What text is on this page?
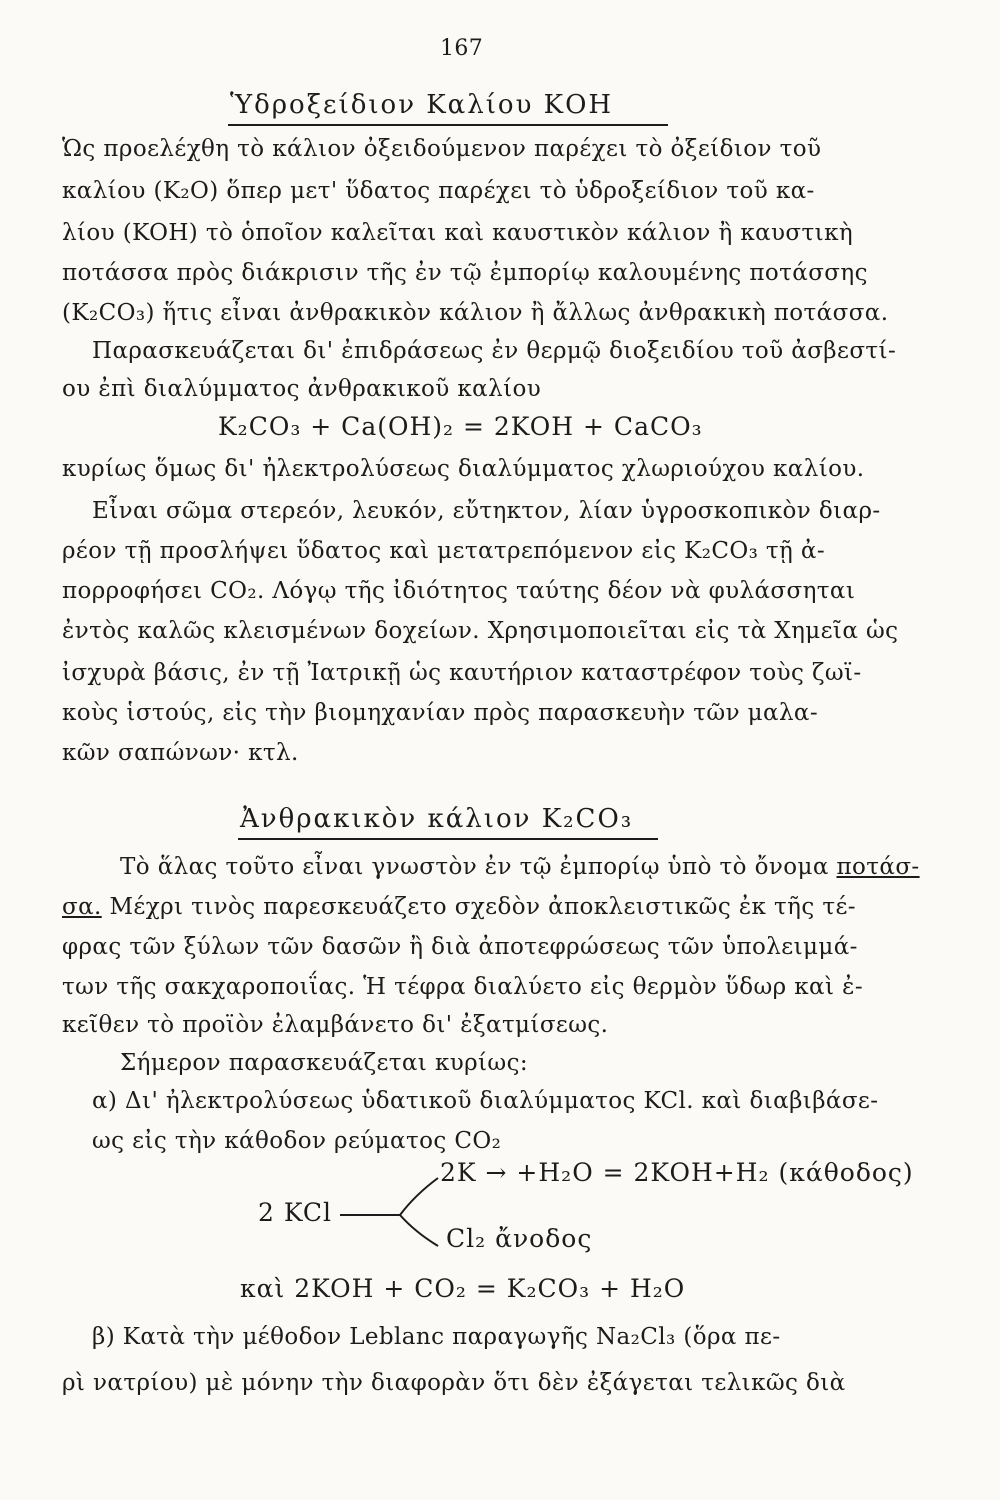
167
Ὑδροξείδιον Καλίου ΚΟΗ
Ὡς προελέχθη τὸ κάλιον ὀξειδούμενον παρέχει τὸ ὀξείδιον τοῦ
καλίου (K₂O) ὅπερ μετ' ὕδατος παρέχει τὸ ὑδροξείδιον τοῦ κα-
λίου (KOH) τὸ ὁποῖον καλεῖται καὶ καυστικὸν κάλιον ἢ καυστικὴ
ποτάσσα πρὸς διάκρισιν τῆς ἐν τῷ ἐμπορίῳ καλουμένης ποτάσσης
(K₂CO₃) ἥτις εἶναι ἀνθρακικὸν κάλιον ἢ ἄλλως ἀνθρακικὴ ποτάσσα.
Παρασκευάζεται δι' ἐπιδράσεως ἐν θερμῷ διοξειδίου τοῦ ἀσβεστί-
ου ἐπὶ διαλύμματος ἀνθρακικοῦ καλίου
K₂CO₃ + Ca(OH)₂ = 2KOH + CaCO₃
κυρίως ὅμως δι' ἠλεκτρολύσεως διαλύμματος χλωριούχου καλίου.
Εἶναι σῶμα στερεόν, λευκόν, εὔτηκτον, λίαν ὑγροσκοπικὸν διαρ-
ρέον τῇ προσλήψει ὕδατος καὶ μετατρεπόμενον εἰς K₂CO₃ τῇ ἀ-
πορροφήσει CO₂. Λόγῳ τῆς ἰδιότητος ταύτης δέον νὰ φυλάσσηται
ἐντὸς καλῶς κλεισμένων δοχείων. Χρησιμοποιεῖται εἰς τὰ Χημεῖα ὡς
ἰσχυρὰ βάσις, ἐν τῇ Ἰατρικῇ ὡς καυτήριον καταστρέφον τοὺς ζωϊ-
κοὺς ἱστούς, εἰς τὴν βιομηχανίαν πρὸς παρασκευὴν τῶν μαλα-
κῶν σαπώνων· κτλ.
Ἀνθρακικὸν κάλιον K₂CO₃
Τὸ ἅλας τοῦτο εἶναι γνωστὸν ἐν τῷ ἐμπορίῳ ὑπὸ τὸ ὄνομα ποτάσ-
σα. Μέχρι τινὸς παρεσκευάζετο σχεδὸν ἀποκλειστικῶς ἐκ τῆς τέ-
φρας τῶν ξύλων τῶν δασῶν ἢ διὰ ἀποτεφρώσεως τῶν ὑπολειμμά-
των τῆς σακχαροποιΐας. Ἡ τέφρα διαλύετο εἰς θερμὸν ὕδωρ καὶ ἐ-
κεῖθεν τὸ προϊὸν ἐλαμβάνετο δι' ἐξατμίσεως.
Σήμερον παρασκευάζεται κυρίως:
α) Δι' ἠλεκτρολύσεως ὑδατικοῦ διαλύμματος KCl. καὶ διαβιβάσε-
ως εἰς τὴν κάθοδον ρεύματος CO₂
2K → +H₂O = 2KOH+H₂ (κάθοδος)
2 KCl
Cl₂ ἄνοδος
καὶ 2KOH + CO₂ = K₂CO₃ + H₂O
β) Κατὰ τὴν μέθοδον Leblanc παραγωγῆς Na₂Cl₃ (ὅρα πε-
ρὶ νατρίου) μὲ μόνην τὴν διαφορὰν ὅτι δὲν ἐξάγεται τελικῶς διὰ
